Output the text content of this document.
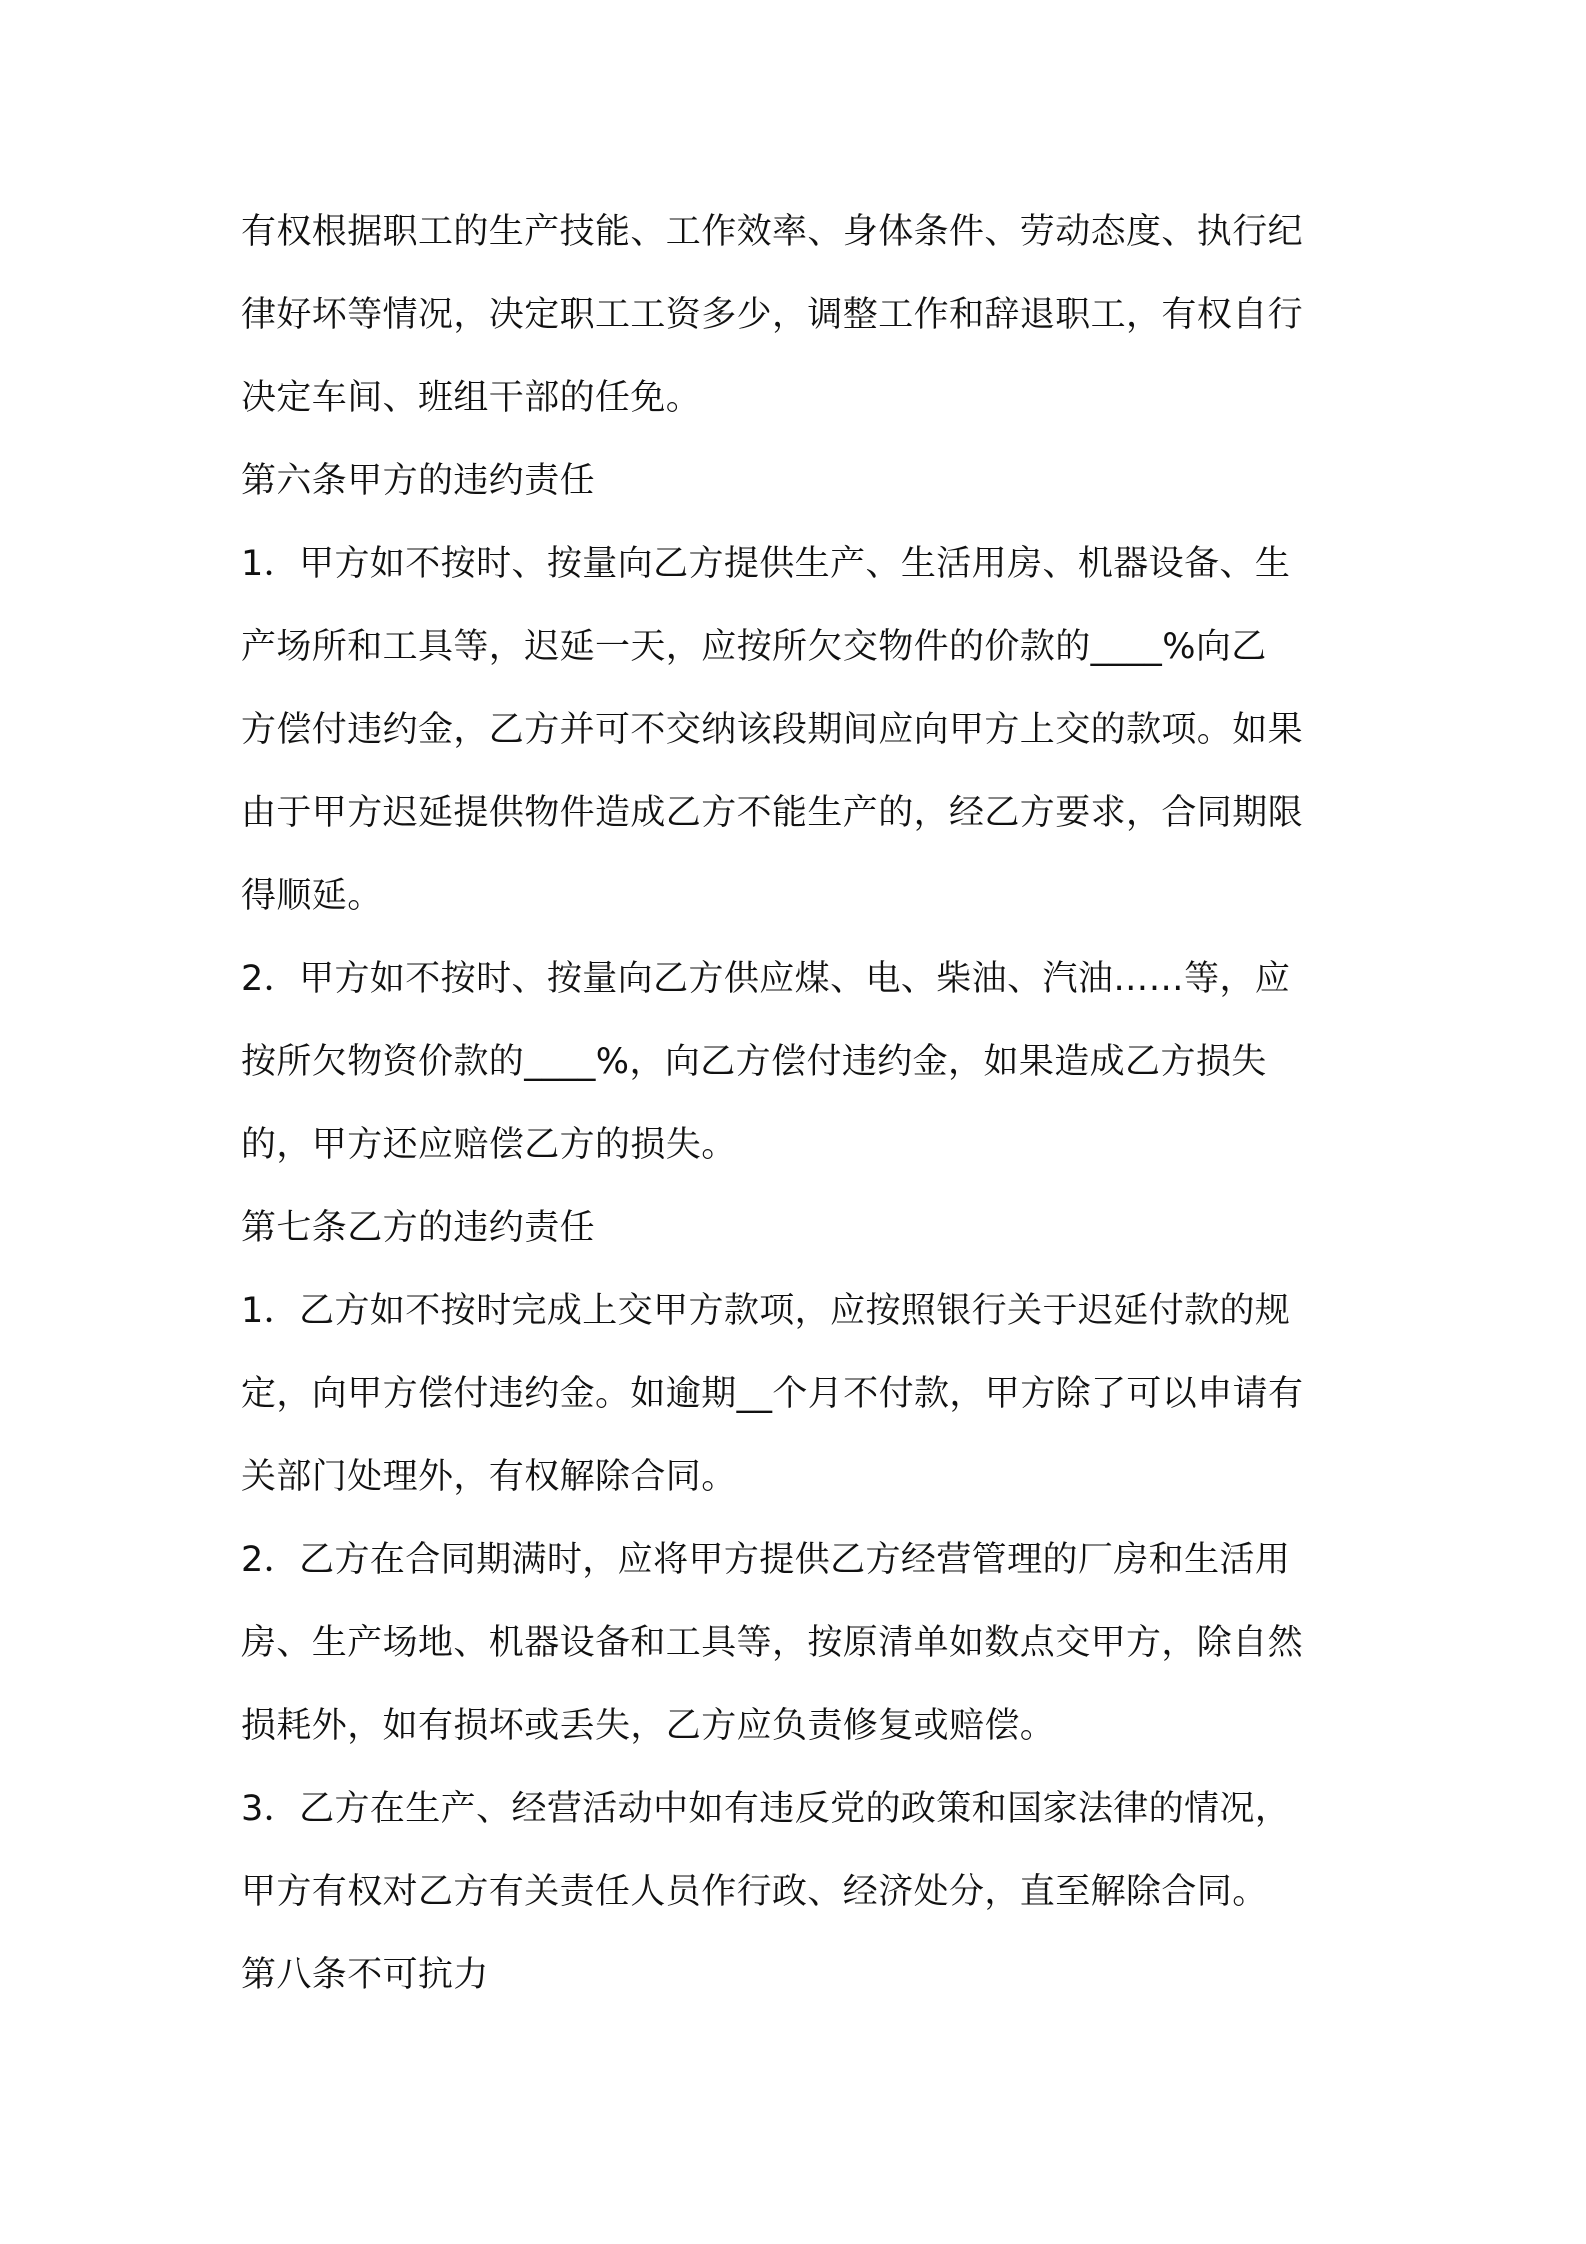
有权根据职工的生产技能、工作效率、身体条件、劳动态度、执行纪

律好坏等情况，决定职工工资多少，调整工作和辞退职工，有权自行

决定车间、班组干部的任免。

第六条甲方的违约责任

1．甲方如不按时、按量向乙方提供生产、生活用房、机器设备、生

产场所和工具等，迟延一天，应按所欠交物件的价款的____%向乙

方偿付违约金，乙方并可不交纳该段期间应向甲方上交的款项。如果

由于甲方迟延提供物件造成乙方不能生产的，经乙方要求，合同期限

得顺延。

2．甲方如不按时、按量向乙方供应煤、电、柴油、汽油……等，应

按所欠物资价款的____%，向乙方偿付违约金，如果造成乙方损失

的，甲方还应赔偿乙方的损失。

第七条乙方的违约责任

1．乙方如不按时完成上交甲方款项，应按照银行关于迟延付款的规

定，向甲方偿付违约金。如逾期__个月不付款，甲方除了可以申请有

关部门处理外，有权解除合同。

2．乙方在合同期满时，应将甲方提供乙方经营管理的厂房和生活用

房、生产场地、机器设备和工具等，按原清单如数点交甲方，除自然

损耗外，如有损坏或丢失，乙方应负责修复或赔偿。

3．乙方在生产、经营活动中如有违反党的政策和国家法律的情况，

甲方有权对乙方有关责任人员作行政、经济处分，直至解除合同。

第八条不可抗力
